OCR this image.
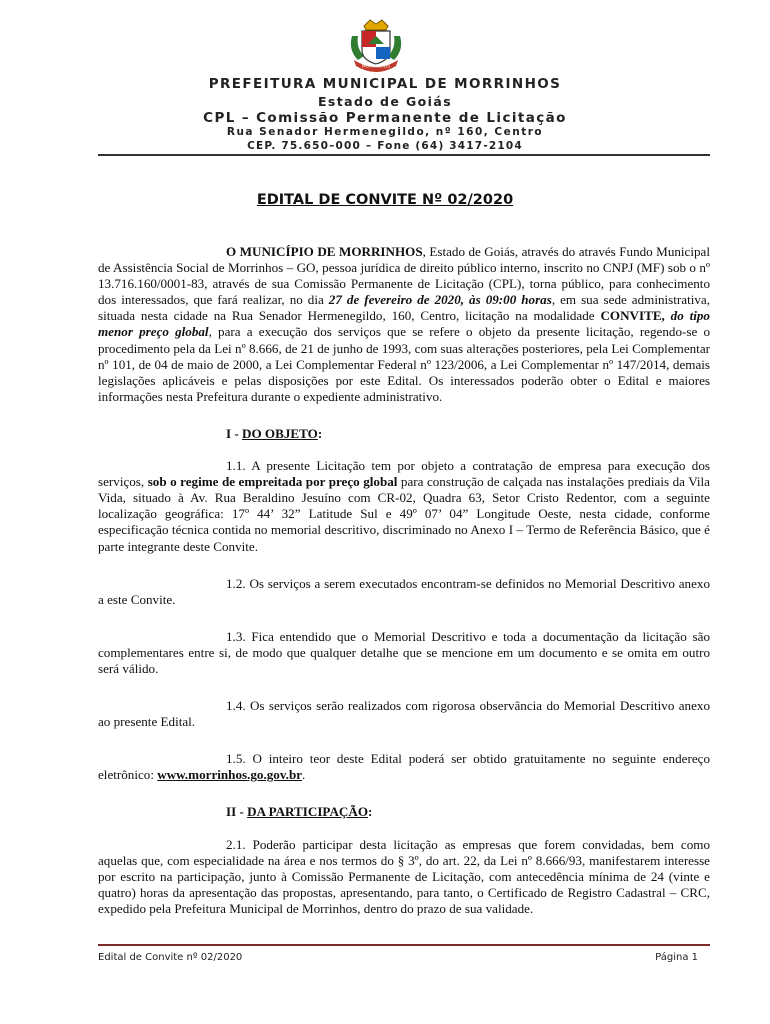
MORRINHOS
PREFEITURA MUNICIPAL DE MORRINHOS
Estado de Goiás
CPL – Comissão Permanente de Licitação
Rua Senador Hermenegildo, nº 160, Centro
CEP. 75.650–000 – Fone (64) 3417-2104
EDITAL DE CONVITE Nº 02/2020

O MUNICÍPIO DE MORRINHOS, Estado de Goiás, através do através Fundo Municipal de Assistência Social de Morrinhos – GO, pessoa jurídica de direito público interno, inscrito no CNPJ (MF) sob o nº 13.716.160/0001-83, através de sua Comissão Permanente de Licitação (CPL), torna público, para conhecimento dos interessados, que fará realizar, no dia 27 de fevereiro de 2020, às 09:00 horas, em sua sede administrativa, situada nesta cidade na Rua Senador Hermenegildo, 160, Centro, licitação na modalidade CONVITE, do tipo menor preço global, para a execução dos serviços que se refere o objeto da presente licitação, regendo-se o procedimento pela da Lei nº 8.666, de 21 de junho de 1993, com suas alterações posteriores, pela Lei Complementar nº 101, de 04 de maio de 2000, a Lei Complementar Federal nº 123/2006, a Lei Complementar nº 147/2014, demais legislações aplicáveis e pelas disposições por este Edital. Os interessados poderão obter o Edital e maiores informações nesta Prefeitura durante o expediente administrativo.

I - DO OBJETO:

1.1. A presente Licitação tem por objeto a contratação de empresa para execução dos serviços, sob o regime de empreitada por preço global para construção de calçada nas instalações prediais da Vila Vida, situado à Av. Rua Beraldino Jesuíno com CR-02, Quadra 63, Setor Cristo Redentor, com a seguinte localização geográfica: 17º 44’ 32” Latitude Sul e 49º 07’ 04” Longitude Oeste, nesta cidade, conforme especificação técnica contida no memorial descritivo, discriminado no Anexo I – Termo de Referência Básico, que é parte integrante deste Convite.

1.2. Os serviços a serem executados encontram-se definidos no Memorial Descritivo anexo a este Convite.

1.3. Fica entendido que o Memorial Descritivo e toda a documentação da licitação são complementares entre si, de modo que qualquer detalhe que se mencione em um documento e se omita em outro será válido.

1.4. Os serviços serão realizados com rigorosa observância do Memorial Descritivo anexo ao presente Edital.

1.5. O inteiro teor deste Edital poderá ser obtido gratuitamente no seguinte endereço eletrônico: www.morrinhos.go.gov.br.

II - DA PARTICIPAÇÃO:

2.1. Poderão participar desta licitação as empresas que forem convidadas, bem como aquelas que, com especialidade na área e nos termos do § 3º, do art. 22, da Lei nº 8.666/93, manifestarem interesse por escrito na participação, junto à Comissão Permanente de Licitação, com antecedência mínima de 24 (vinte e quatro) horas da apresentação das propostas, apresentando, para tanto, o Certificado de Registro Cadastral – CRC, expedido pela Prefeitura Municipal de Morrinhos, dentro do prazo de sua validade.

Edital de Convite nº 02/2020	Página 1
